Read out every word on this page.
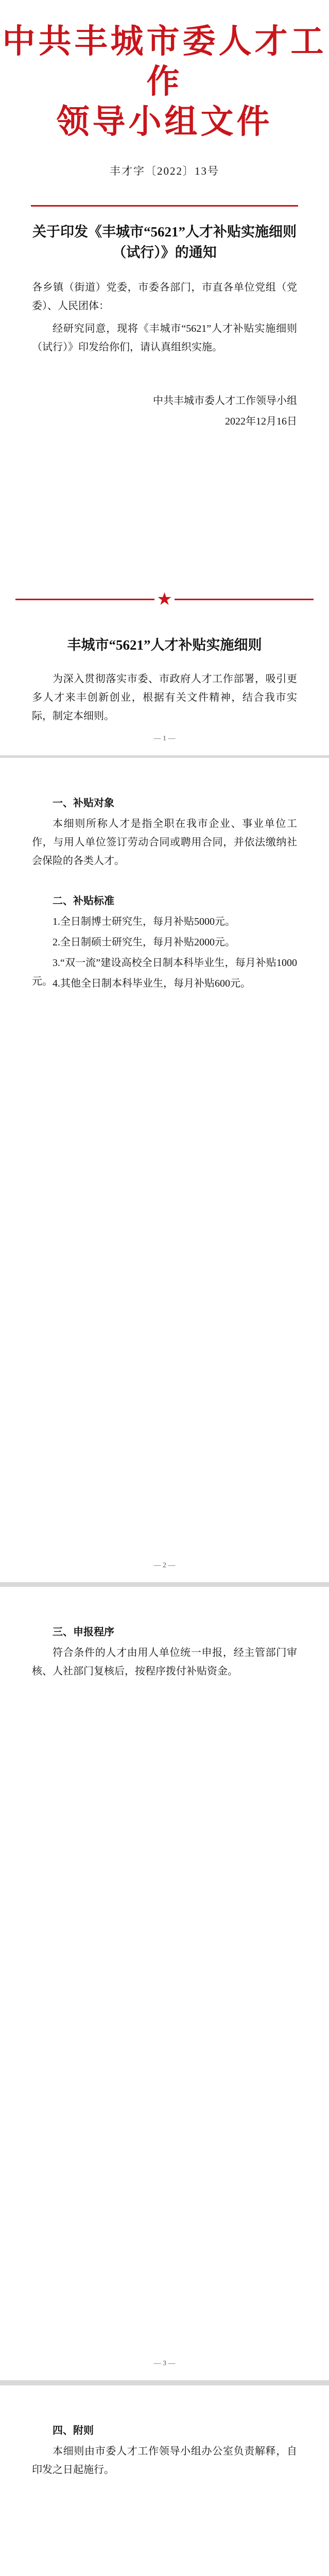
中共丰城市委人才工作
领导小组文件
丰才字〔2022〕13号
关于印发《丰城市“5621”人才补贴实施细则
（试行）》的通知
各乡镇（街道）党委，市委各部门，市直各单位党组（党委）、人民团体：
经研究同意，现将《丰城市“5621”人才补贴实施细则（试行）》印发给你们，请认真组织实施。
中共丰城市委人才工作领导小组
2022年12月16日
★
丰城市“5621”人才补贴实施细则
为深入贯彻落实市委、市政府人才工作部署，吸引更多人才来丰创新创业，根据有关文件精神，结合我市实际，制定本细则。
— 1 —
一、补贴对象
本细则所称人才是指全职在我市企业、事业单位工作，与用人单位签订劳动合同或聘用合同，并依法缴纳社会保险的各类人才。
二、补贴标准
1.全日制博士研究生，每月补贴5000元。
2.全日制硕士研究生，每月补贴2000元。
3.“双一流”建设高校全日制本科毕业生，每月补贴1000元。 4.其他全日制本科毕业生，每月补贴600元。
— 2 —
三、申报程序
符合条件的人才由用人单位统一申报，经主管部门审核、人社部门复核后，按程序拨付补贴资金。
— 3 —
四、附则
本细则由市委人才工作领导小组办公室负责解释，自印发之日起施行。
